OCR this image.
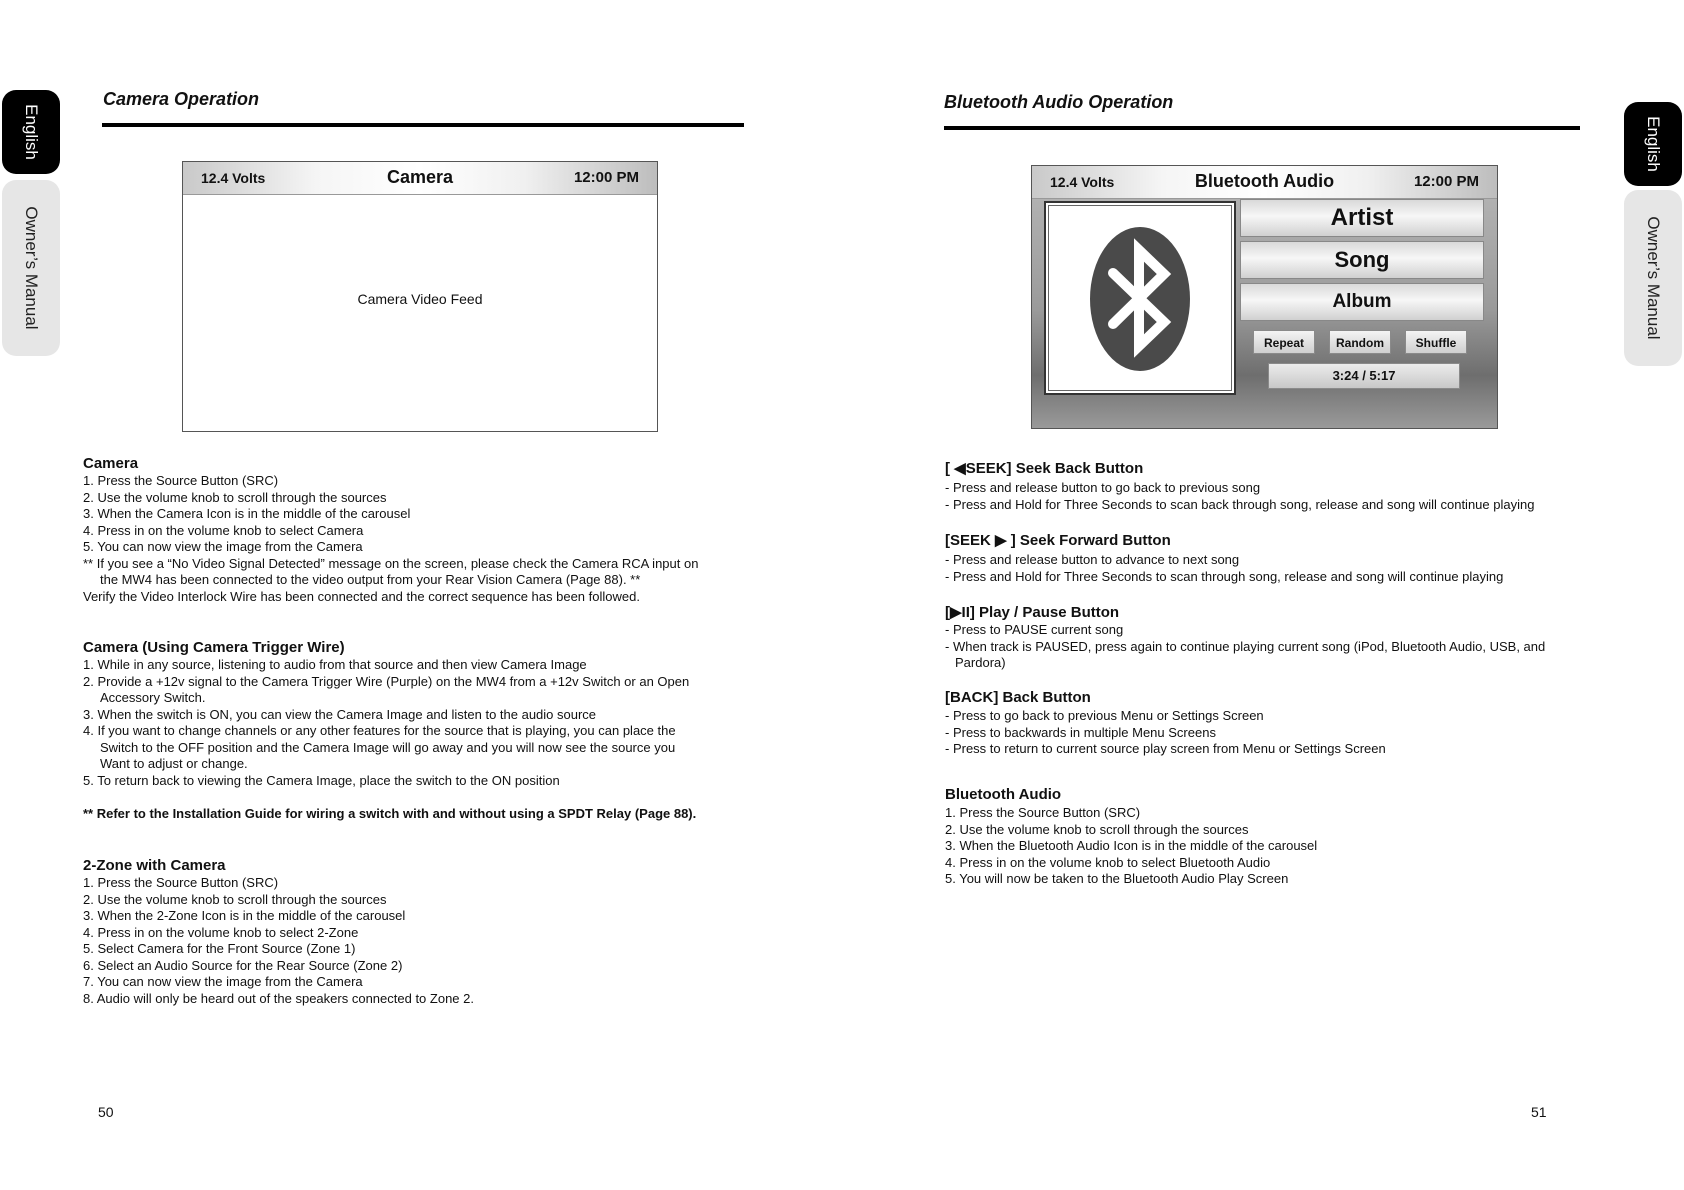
English
Owner’s Manual
Camera Operation
12.4 Volts	Camera	12:00 PM
Camera Video Feed
Camera

1. Press the Source Button (SRC)

2. Use the volume knob to scroll through the sources

3. When the Camera Icon is in the middle of the carousel

4. Press in on the volume knob to select Camera

5. You can now view the image from the Camera

** If you see a “No Video Signal Detected” message on the screen, please check the Camera RCA input on

the MW4 has been connected to the video output from your Rear Vision Camera (Page 88). **

Verify the Video Interlock Wire has been connected and the correct sequence has been followed.

Camera (Using Camera Trigger Wire)

1. While in any source, listening to audio from that source and then view Camera Image

2. Provide a +12v signal to the Camera Trigger Wire (Purple) on the MW4 from a +12v Switch or an Open

Accessory Switch.

3. When the switch is ON, you can view the Camera Image and listen to the audio source

4. If you want to change channels or any other features for the source that is playing, you can place the

Switch to the OFF position and the Camera Image will go away and you will now see the source you

Want to adjust or change.

5. To return back to viewing the Camera Image, place the switch to the ON position

** Refer to the Installation Guide for wiring a switch with and without using a SPDT Relay (Page 88).
2-Zone with Camera

1. Press the Source Button (SRC)

2. Use the volume knob to scroll through the sources

3. When the 2-Zone Icon is in the middle of the carousel

4. Press in on the volume knob to select 2-Zone

5. Select Camera for the Front Source (Zone 1)

6. Select an Audio Source for the Rear Source (Zone 2)

7. You can now view the image from the Camera

8. Audio will only be heard out of the speakers connected to Zone 2.

50
Bluetooth Audio Operation
12.4 Volts	Bluetooth Audio	12:00 PM
Artist
Song
Album
Repeat	Random	Shuffle
3:24 / 5:17
[ ◀SEEK] Seek Back Button

- Press and release button to go back to previous song

- Press and Hold for Three Seconds to scan back through song, release and song will continue playing

[SEEK ▶ ] Seek Forward Button

- Press and release button to advance to next song

- Press and Hold for Three Seconds to scan through song, release and song will continue playing

[▶II] Play / Pause Button

- Press to PAUSE current song

- When track is PAUSED, press again to continue playing current song (iPod, Bluetooth Audio, USB, and

Pardora)

[BACK] Back Button

- Press to go back to previous Menu or Settings Screen

- Press to backwards in multiple Menu Screens

- Press to return to current source play screen from Menu or Settings Screen

Bluetooth Audio

1. Press the Source Button (SRC)

2. Use the volume knob to scroll through the sources

3. When the Bluetooth Audio Icon is in the middle of the carousel

4. Press in on the volume knob to select Bluetooth Audio

5. You will now be taken to the Bluetooth Audio Play Screen

51
English
Owner’s Manual
